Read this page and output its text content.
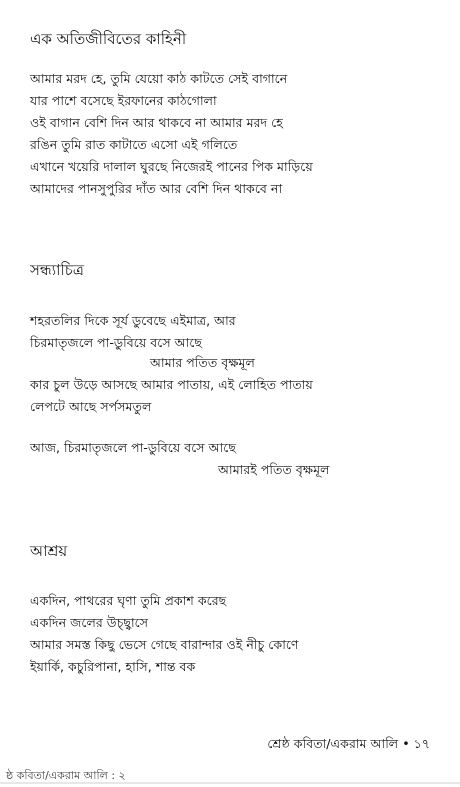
এক অতিজীবিতের কাহিনী
আমার মরদ হে, তুমি যেয়ো কাঠ কাটতে সেই বাগানে
যার পাশে বসেছে ইরফানের কাঠগোলা
ওই বাগান বেশি দিন আর থাকবে না আমার মরদ হে
রঙিন তুমি রাত কাটাতে এসো এই গলিতে
এখানে খয়েরি দালাল ঘুরছে নিজেরই পানের পিক মাড়িয়ে
আমাদের পানসুপুরির দাঁত আর বেশি দিন থাকবে না
সন্ধ্যাচিত্র
শহরতলির দিকে সূর্য ডুবেছে এইমাত্র, আর
চিরমাতৃজলে পা-ডুবিয়ে বসে আছে
আমার পতিত বৃক্ষমূল
কার চুল উড়ে আসছে আমার পাতায়, এই লোহিত পাতায়
লেপটে আছে সর্পসমতুল
আজ, চিরমাতৃজলে পা-ডুবিয়ে বসে আছে
আমারই পতিত বৃক্ষমূল
আশ্রয়
একদিন, পাথরের ঘৃণা তুমি প্রকাশ করেছ
একদিন জলের উচ্ছ্বাসে
আমার সমস্ত কিছু ভেসে গেছে বারান্দার ওই নীচু কোণে
ইয়ার্কি, কচুরিপানা, হাসি, শান্ত বক
শ্রেষ্ঠ কবিতা/একরাম আলি • ১৭
ষ্ঠ কবিতা/একরাম আলি : ২
